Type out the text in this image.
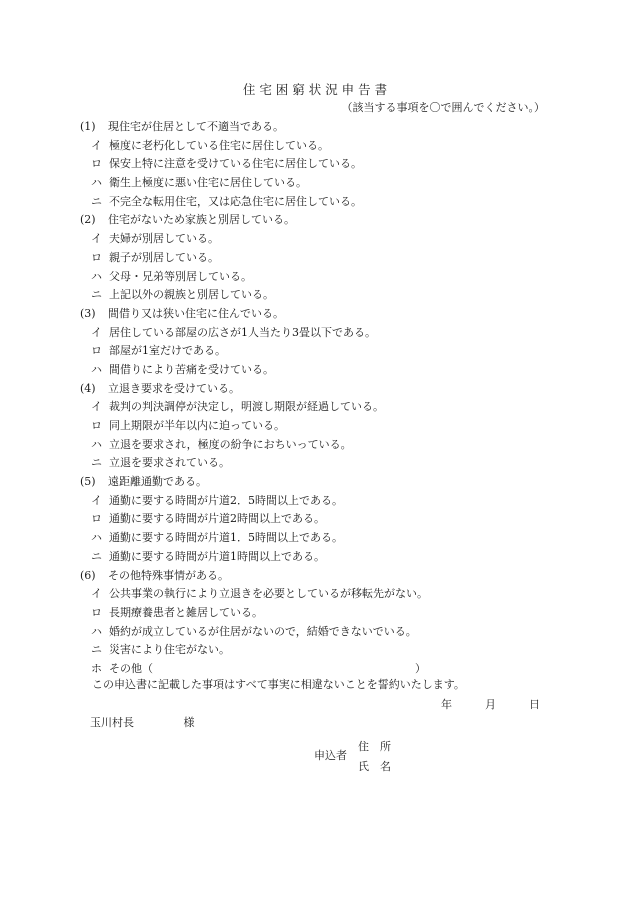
住 宅 困 窮 状 況 申 告 書
（該当する事項を〇で囲んでください。）
(1) 現住宅が住居として不適当である。
イ 極度に老朽化している住宅に居住している。
ロ 保安上特に注意を受けている住宅に居住している。
ハ 衛生上極度に悪い住宅に居住している。
ニ 不完全な転用住宅，又は応急住宅に居住している。
(2) 住宅がないため家族と別居している。
イ 夫婦が別居している。
ロ 親子が別居している。
ハ 父母・兄弟等別居している。
ニ 上記以外の親族と別居している。
(3) 間借り又は狭い住宅に住んでいる。
イ 居住している部屋の広さが1人当たり3畳以下である。
ロ 部屋が1室だけである。
ハ 間借りにより苦痛を受けている。
(4) 立退き要求を受けている。
イ 裁判の判決調停が決定し，明渡し期限が経過している。
ロ 同上期限が半年以内に迫っている。
ハ 立退を要求され，極度の紛争におちいっている。
ニ 立退を要求されている。
(5) 遠距離通勤である。
イ 通勤に要する時間が片道2．5時間以上である。
ロ 通勤に要する時間が片道2時間以上である。
ハ 通勤に要する時間が片道1．5時間以上である。
ニ 通勤に要する時間が片道1時間以上である。
(6) その他特殊事情がある。
イ 公共事業の執行により立退きを必要としているが移転先がない。
ロ 長期療養患者と雑居している。
ハ 婚約が成立しているが住居がないので，結婚できないでいる。
ニ 災害により住宅がない。
ホ その他（	）
この申込書に記載した事項はすべて事実に相違ないことを誓約いたします。
年	月	日
玉川村長	様
申込者
住　所
氏　名
